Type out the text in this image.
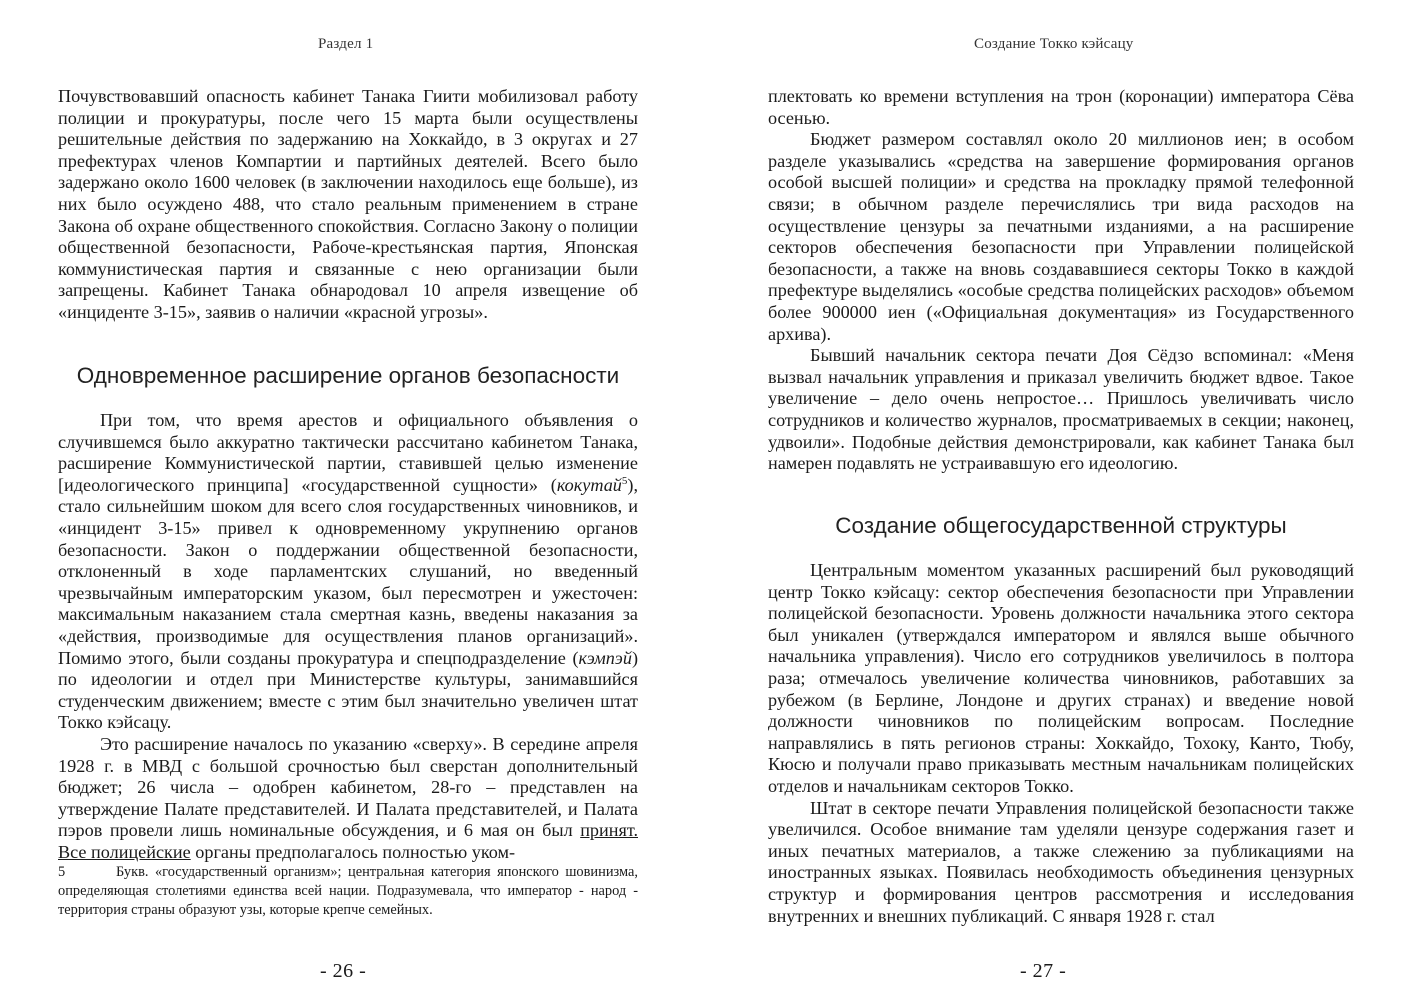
Раздел 1

Почувствовавший опасность кабинет Танака Гиити мобилизовал работу полиции и прокуратуры, после чего 15 марта были осуществлены решительные действия по задержанию на Хоккайдо, в 3 округах и 27 префектурах членов Компартии и партийных деятелей. Всего было задержано около 1600 человек (в заключении находилось еще больше), из них было осуждено 488, что стало реальным применением в стране Закона об охране общественного спокойствия. Согласно Закону о полиции общественной безопасности, Рабоче-крестьянская партия, Японская коммунистическая партия и связанные с нею организации были запрещены. Кабинет Танака обнародовал 10 апреля извещение об «инциденте 3-15», заявив о наличии «красной угрозы».

Одновременное расширение органов безопасности

При том, что время арестов и официального объявления о случившемся было аккуратно тактически рассчитано кабинетом Танака, расширение Коммунистической партии, ставившей целью изменение [идеологического принципа] «государственной сущности» (кокутай$^5$), стало сильнейшим шоком для всего слоя государственных чиновников, и «инцидент 3-15» привел к одновременному укрупнению органов безопасности. Закон о поддержании общественной безопасности, отклоненный в ходе парламентских слушаний, но введенный чрезвычайным императорским указом, был пересмотрен и ужесточен: максимальным наказанием стала смертная казнь, введены наказания за «действия, производимые для осуществления планов организаций». Помимо этого, были созданы прокуратура и спецподразделение (кэмпэй) по идеологии и отдел при Министерстве культуры, занимавшийся студенческим движением; вместе с этим был значительно увеличен штат Токко кэйсацу.

Это расширение началось по указанию «сверху». В середине апреля 1928 г. в МВД с большой срочностью был сверстан дополнительный бюджет; 26 числа – одобрен кабинетом, 28-го – представлен на утверждение Палате представителей. И Палата представителей, и Палата пэров провели лишь номинальные обсуждения, и 6 мая он был принят. Все полицейские органы предполагалось полностью уком-

5	Букв. «государственный организм»; центральная категория японского шовинизма, определяющая столетиями единства всей нации. Подразумевала, что император - народ - территория страны образуют узы, которые крепче семейных.
- 26 -
Создание Токко кэйсацу

плектовать ко времени вступления на трон (коронации) императора Сёва осенью.

Бюджет размером составлял около 20 миллионов иен; в особом разделе указывались «средства на завершение формирования органов особой высшей полиции» и средства на прокладку прямой телефонной связи; в обычном разделе перечислялись три вида расходов на осуществление цензуры за печатными изданиями, а на расширение секторов обеспечения безопасности при Управлении полицейской безопасности, а также на вновь создававшиеся секторы Токко в каждой префектуре выделялись «особые средства полицейских расходов» объемом более 900000 иен («Официальная документация» из Государственного архива).

Бывший начальник сектора печати Доя Сёдзо вспоминал: «Меня вызвал начальник управления и приказал увеличить бюджет вдвое. Такое увеличение – дело очень непростое… Пришлось увеличивать число сотрудников и количество журналов, просматриваемых в секции; наконец, удвоили». Подобные действия демонстрировали, как кабинет Танака был намерен подавлять не устраивавшую его идеологию.

Создание общегосударственной структуры

Центральным моментом указанных расширений был руководящий центр Токко кэйсацу: сектор обеспечения безопасности при Управлении полицейской безопасности. Уровень должности начальника этого сектора был уникален (утверждался императором и являлся выше обычного начальника управления). Число его сотрудников увеличилось в полтора раза; отмечалось увеличение количества чиновников, работавших за рубежом (в Берлине, Лондоне и других странах) и введение новой должности чиновников по полицейским вопросам. Последние направлялись в пять регионов страны: Хоккайдо, Тохоку, Канто, Тюбу, Кюсю и получали право приказывать местным начальникам полицейских отделов и начальникам секторов Токко.

Штат в секторе печати Управления полицейской безопасности также увеличился. Особое внимание там уделяли цензуре содержания газет и иных печатных материалов, а также слежению за публикациями на иностранных языках. Появилась необходимость объединения цензурных структур и формирования центров рассмотрения и исследования внутренних и внешних публикаций. С января 1928 г. стал

- 27 -
